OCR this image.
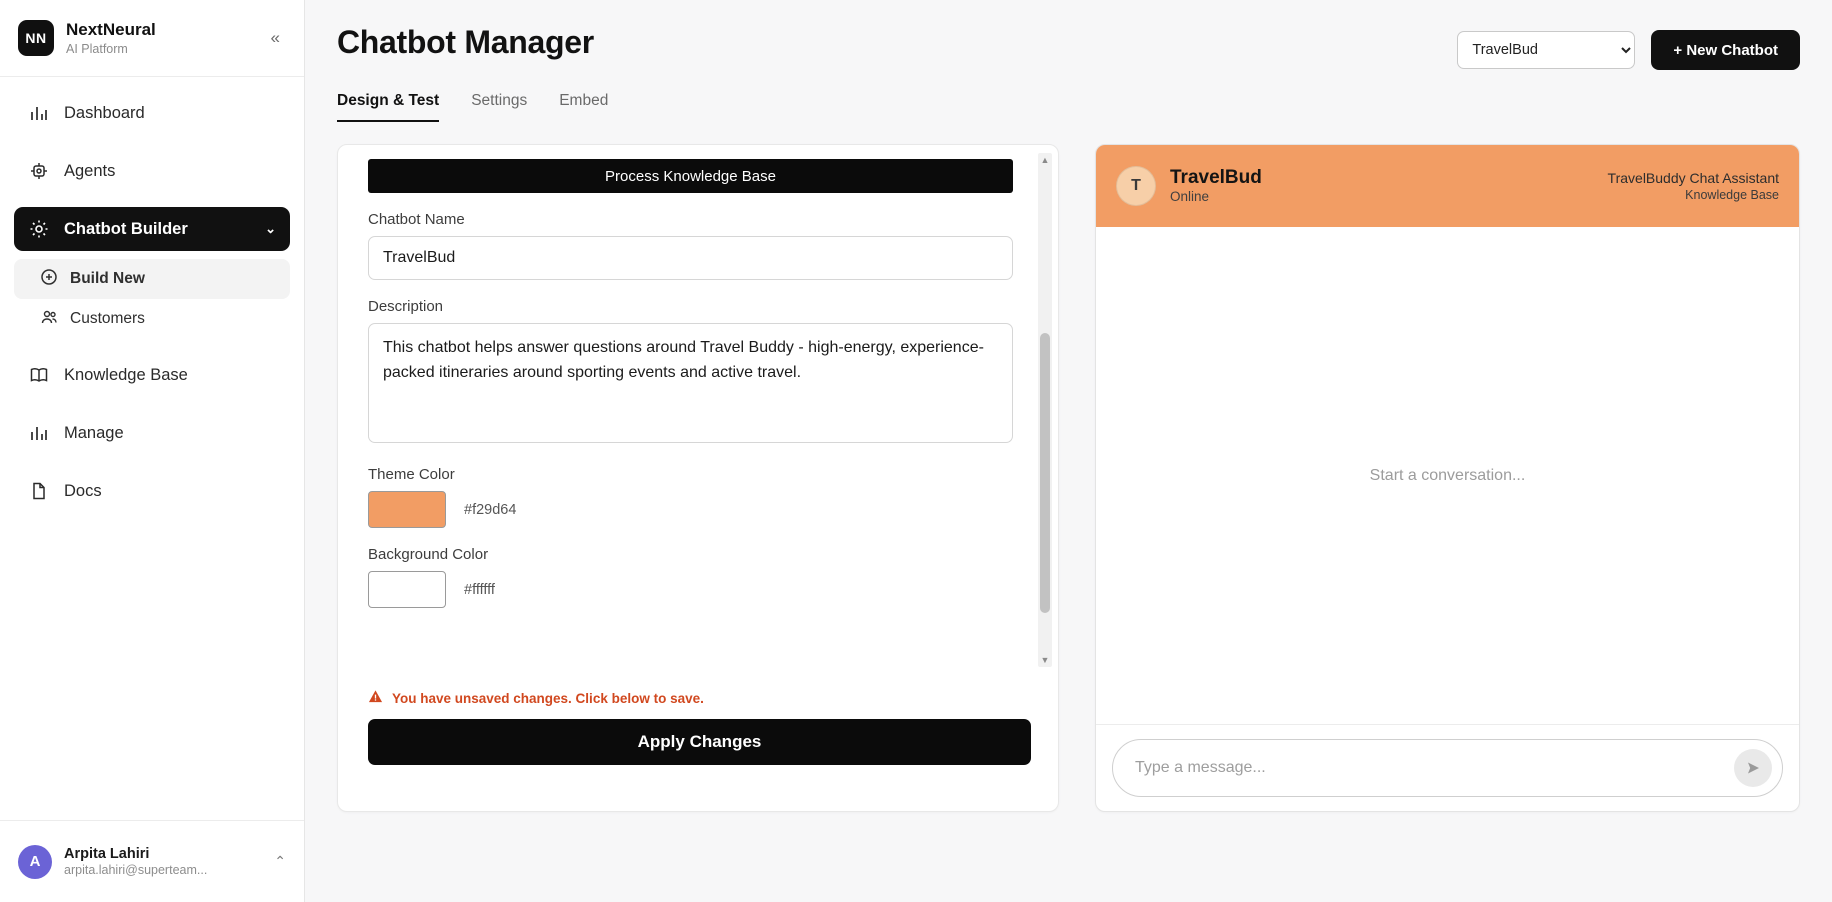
NN	NextNeural
AI Platform
«
Dashboard
Agents
Chatbot Builder	⌄
Build New
Customers
Knowledge Base
Manage
Docs
A	Arpita Lahiri
arpita.lahiri@superteam...
⌃
Chatbot Manager
TravelBud	+ New Chatbot
Design & Test Settings Embed
Process Knowledge Base
Chatbot Name
TravelBud
Description
This chatbot helps answer questions around Travel Buddy - high-energy, experience-packed itineraries around sporting events and active travel.
Theme Color
#f29d64
Background Color
#ffffff
▲
▼
You have unsaved changes. Click below to save.
Apply Changes
T	TravelBud
Online
TravelBuddy Chat Assistant
Knowledge Base
Start a conversation...
Type a message...
